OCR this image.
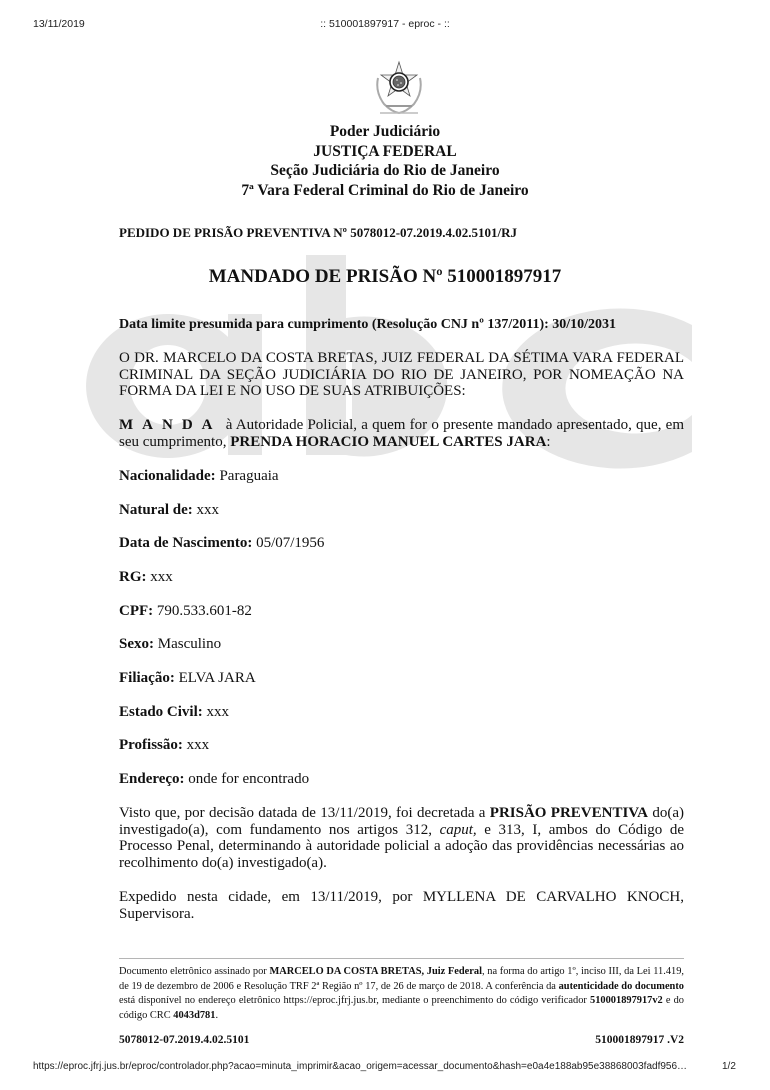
13/11/2019	:: 510001897917 - eproc - ::
Poder Judiciário
JUSTIÇA FEDERAL
Seção Judiciária do Rio de Janeiro
7ª Vara Federal Criminal do Rio de Janeiro
PEDIDO DE PRISÃO PREVENTIVA Nº 5078012-07.2019.4.02.5101/RJ
MANDADO DE PRISÃO Nº 510001897917
Data limite presumida para cumprimento (Resolução CNJ nº 137/2011): 30/10/2031
O DR. MARCELO DA COSTA BRETAS, JUIZ FEDERAL DA SÉTIMA VARA FEDERAL CRIMINAL DA SEÇÃO JUDICIÁRIA DO RIO DE JANEIRO, POR NOMEAÇÃO NA FORMA DA LEI E NO USO DE SUAS ATRIBUIÇÕES:
MANDA à Autoridade Policial, a quem for o presente mandado apresentado, que, em seu cumprimento, PRENDA HORACIO MANUEL CARTES JARA:
Nacionalidade: Paraguaia
Natural de: xxx
Data de Nascimento: 05/07/1956
RG: xxx
CPF: 790.533.601-82
Sexo: Masculino
Filiação: ELVA JARA
Estado Civil: xxx
Profissão: xxx
Endereço: onde for encontrado
Visto que, por decisão datada de 13/11/2019, foi decretada a PRISÃO PREVENTIVA do(a) investigado(a), com fundamento nos artigos 312, caput, e 313, I, ambos do Código de Processo Penal, determinando à autoridade policial a adoção das providências necessárias ao recolhimento do(a) investigado(a).
Expedido nesta cidade, em 13/11/2019, por MYLLENA DE CARVALHO KNOCH, Supervisora.
Documento eletrônico assinado por MARCELO DA COSTA BRETAS, Juiz Federal, na forma do artigo 1º, inciso III, da Lei 11.419, de 19 de dezembro de 2006 e Resolução TRF 2ª Região nº 17, de 26 de março de 2018. A conferência da autenticidade do documento está disponível no endereço eletrônico https://eproc.jfrj.jus.br, mediante o preenchimento do código verificador 510001897917v2 e do código CRC 4043d781.
5078012-07.2019.4.02.5101	510001897917 .V2
https://eproc.jfrj.jus.br/eproc/controlador.php?acao=minuta_imprimir&acao_origem=acessar_documento&hash=e0a4e188ab95e38868003fadf956…	1/2
